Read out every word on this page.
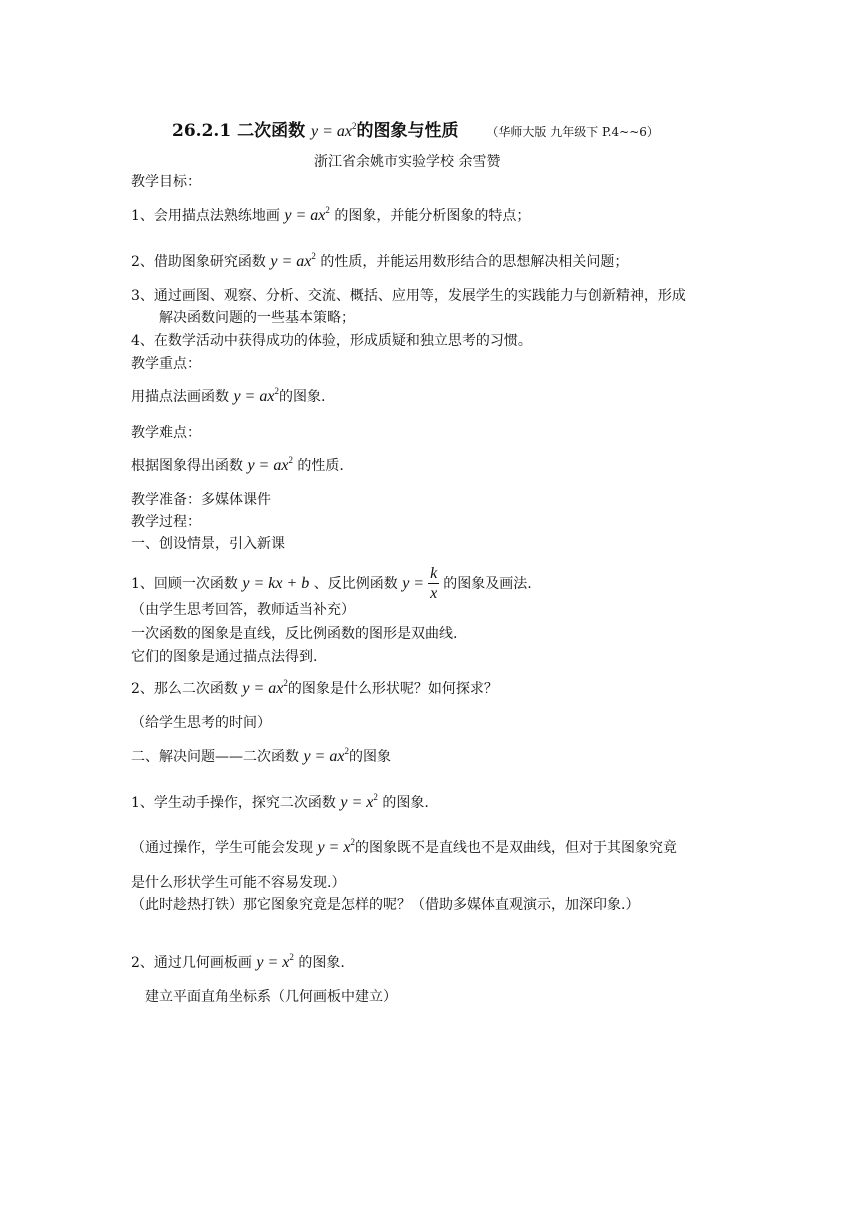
26.2.1 二次函数 $y = ax^2$的图象与性质 （华师大版 九年级下 P.4~~6）
浙江省余姚市实验学校 余雪赞
教学目标：
1、会用描点法熟练地画 $y = ax^2$ 的图象，并能分析图象的特点；
2、借助图象研究函数 $y = ax^2$ 的性质，并能运用数形结合的思想解决相关问题；
3、通过画图、观察、分析、交流、概括、应用等，发展学生的实践能力与创新精神，形成
解决函数问题的一些基本策略；
4、在数学活动中获得成功的体验，形成质疑和独立思考的习惯。
教学重点：
用描点法画函数 $y = ax^2$的图象.
教学难点：
根据图象得出函数 $y = ax^2$ 的性质.
教学准备：多媒体课件
教学过程：
一、创设情景，引入新课
1、回顾一次函数 y = kx + b 、反比例函数 $y = \frac{k}{x}$ 的图象及画法.
（由学生思考回答，教师适当补充）
一次函数的图象是直线，反比例函数的图形是双曲线.
它们的图象是通过描点法得到.
2、那么二次函数 $y = ax^2$的图象是什么形状呢？如何探求？
（给学生思考的时间）
二、解决问题——二次函数 $y = ax^2$的图象
1、学生动手操作，探究二次函数 $y = x^2$ 的图象.
（通过操作，学生可能会发现 $y = x^2$的图象既不是直线也不是双曲线，但对于其图象究竟
是什么形状学生可能不容易发现.）
（此时趁热打铁）那它图象究竟是怎样的呢？（借助多媒体直观演示，加深印象.）
2、通过几何画板画 $y = x^2$ 的图象.
建立平面直角坐标系（几何画板中建立）
